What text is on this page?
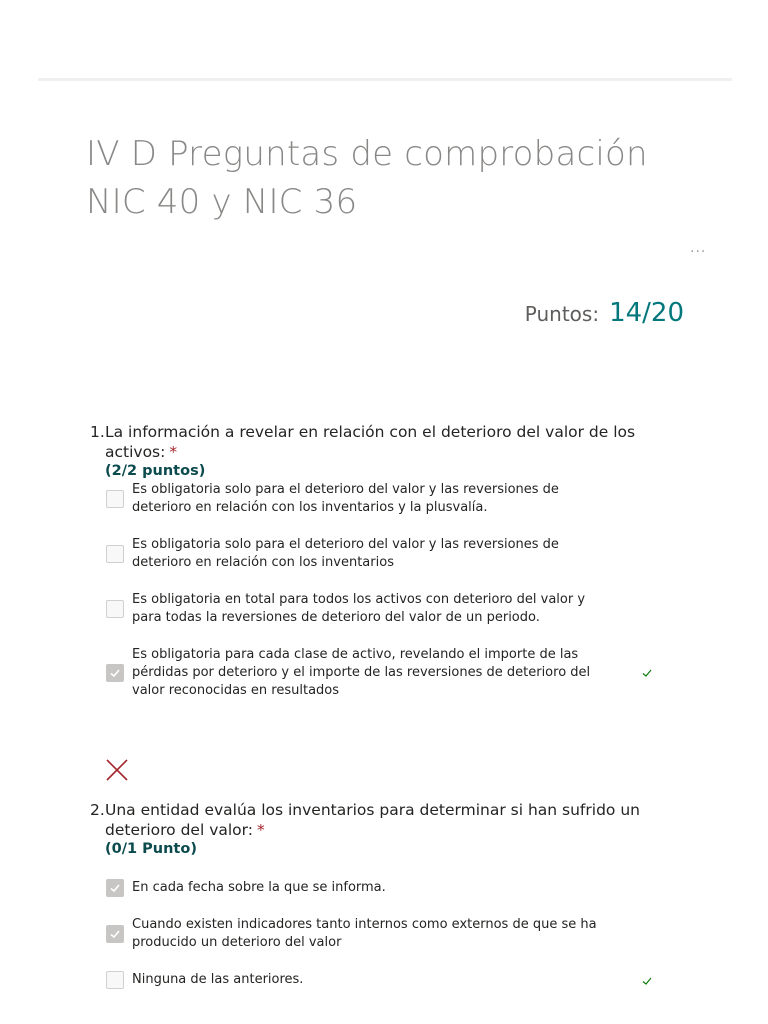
IV D Preguntas de comprobación NIC 40 y NIC 36
···
Puntos: 14/20
1. La información a revelar en relación con el deterioro del valor de los activos: *
(2/2 puntos)
Es obligatoria solo para el deterioro del valor y las reversiones de deterioro en relación con los inventarios y la plusvalía.
Es obligatoria solo para el deterioro del valor y las reversiones de deterioro en relación con los inventarios
Es obligatoria en total para todos los activos con deterioro del valor y para todas la reversiones de deterioro del valor de un periodo.
Es obligatoria para cada clase de activo, revelando el importe de las pérdidas por deterioro y el importe de las reversiones de deterioro del valor reconocidas en resultados
2. Una entidad evalúa los inventarios para determinar si han sufrido un deterioro del valor: *
(0/1 Punto)
En cada fecha sobre la que se informa.
Cuando existen indicadores tanto internos como externos de que se ha producido un deterioro del valor
Ninguna de las anteriores.
